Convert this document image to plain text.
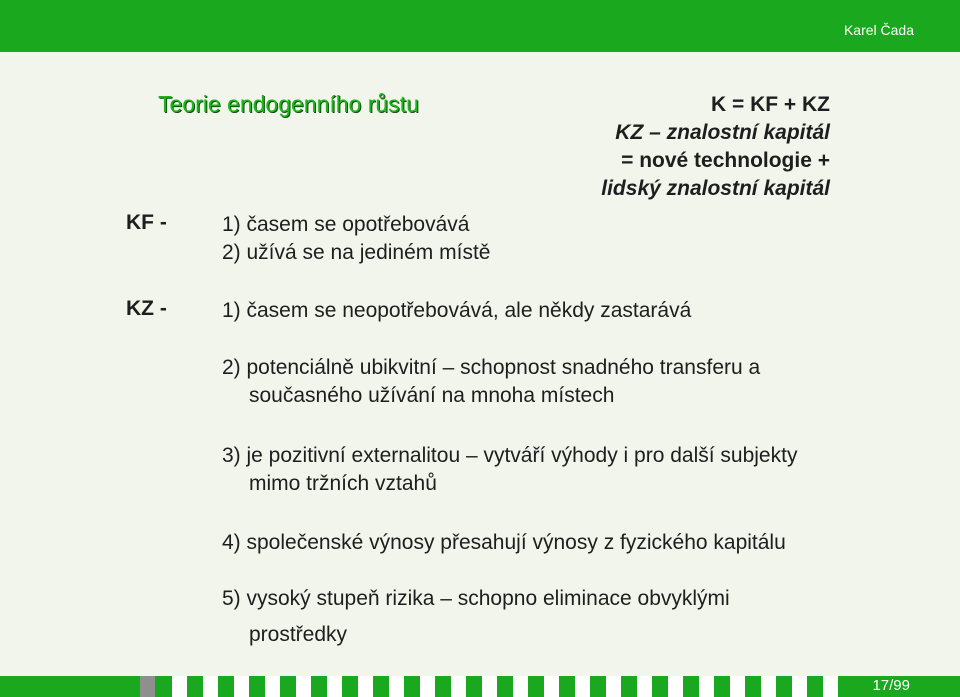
Karel Čada
Teorie endogenního růstu	K = KF + KZ
KZ – znalostní kapitál
= nové technologie +
lidský znalostní kapitál
KF -	1) časem se opotřebovává
2) užívá se na jediném místě
KZ -	1) časem se neopotřebovává, ale někdy zastarává
2) potenciálně ubikvitní – schopnost snadného transferu a
současného užívání na mnoha místech
3) je pozitivní externalitou – vytváří výhody i pro další subjekty
mimo tržních vztahů
4) společenské výnosy přesahují výnosy z fyzického kapitálu
5) vysoký stupeň rizika – schopno eliminace obvyklými
prostředky
17/99
